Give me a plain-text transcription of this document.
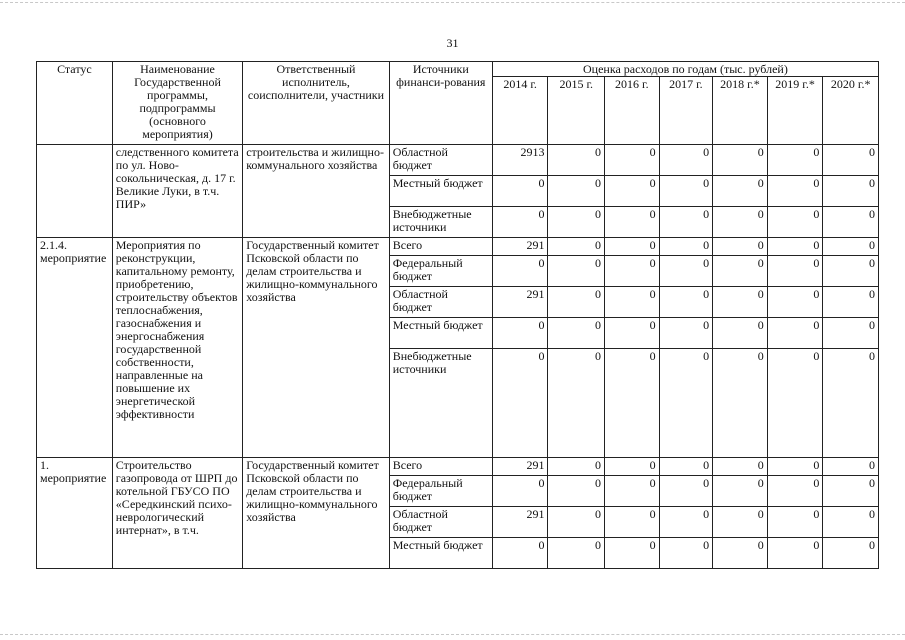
31
Статус	Наименование Государственной программы, подпрограммы (основного мероприятия)	Ответственный исполнитель, соисполнители, участники	Источники финанси-рования	Оценка расходов по годам (тыс. рублей)						
				2014 г.	2015 г.	2016 г.	2017 г.	2018 г.*	2019 г.*	2020 г.*
	следственного комитета по ул. Ново-сокольническая, д. 17 г. Великие Луки, в т.ч. ПИР»	строительства и жилищно-коммунального хозяйства	Областной бюджет	2913	0	0	0	0	0	0
			Местный бюджет	0	0	0	0	0	0	0
			Внебюджетные источники	0	0	0	0	0	0	0
2.1.4. мероприятие	Мероприятия по реконструкции, капитальному ремонту, приобретению, строительству объектов теплоснабжения, газоснабжения и энергоснабжения государственной собственности, направленные на повышение их энергетической эффективности	Государственный комитет Псковской области по делам строительства и жилищно-коммунального хозяйства	Всего	291	0	0	0	0	0	0
			Федеральный бюджет	0	0	0	0	0	0	0
			Областной бюджет	291	0	0	0	0	0	0
			Местный бюджет	0	0	0	0	0	0	0
			Внебюджетные источники	0	0	0	0	0	0	0
1. мероприятие	Строительство газопровода от ШРП до котельной ГБУСО ПО «Середкинский психо-неврологический интернат», в т.ч.	Государственный комитет Псковской области по делам строительства и жилищно-коммунального хозяйства	Всего	291	0	0	0	0	0	0
			Федеральный бюджет	0	0	0	0	0	0	0
			Областной бюджет	291	0	0	0	0	0	0
			Местный бюджет	0	0	0	0	0	0	0
